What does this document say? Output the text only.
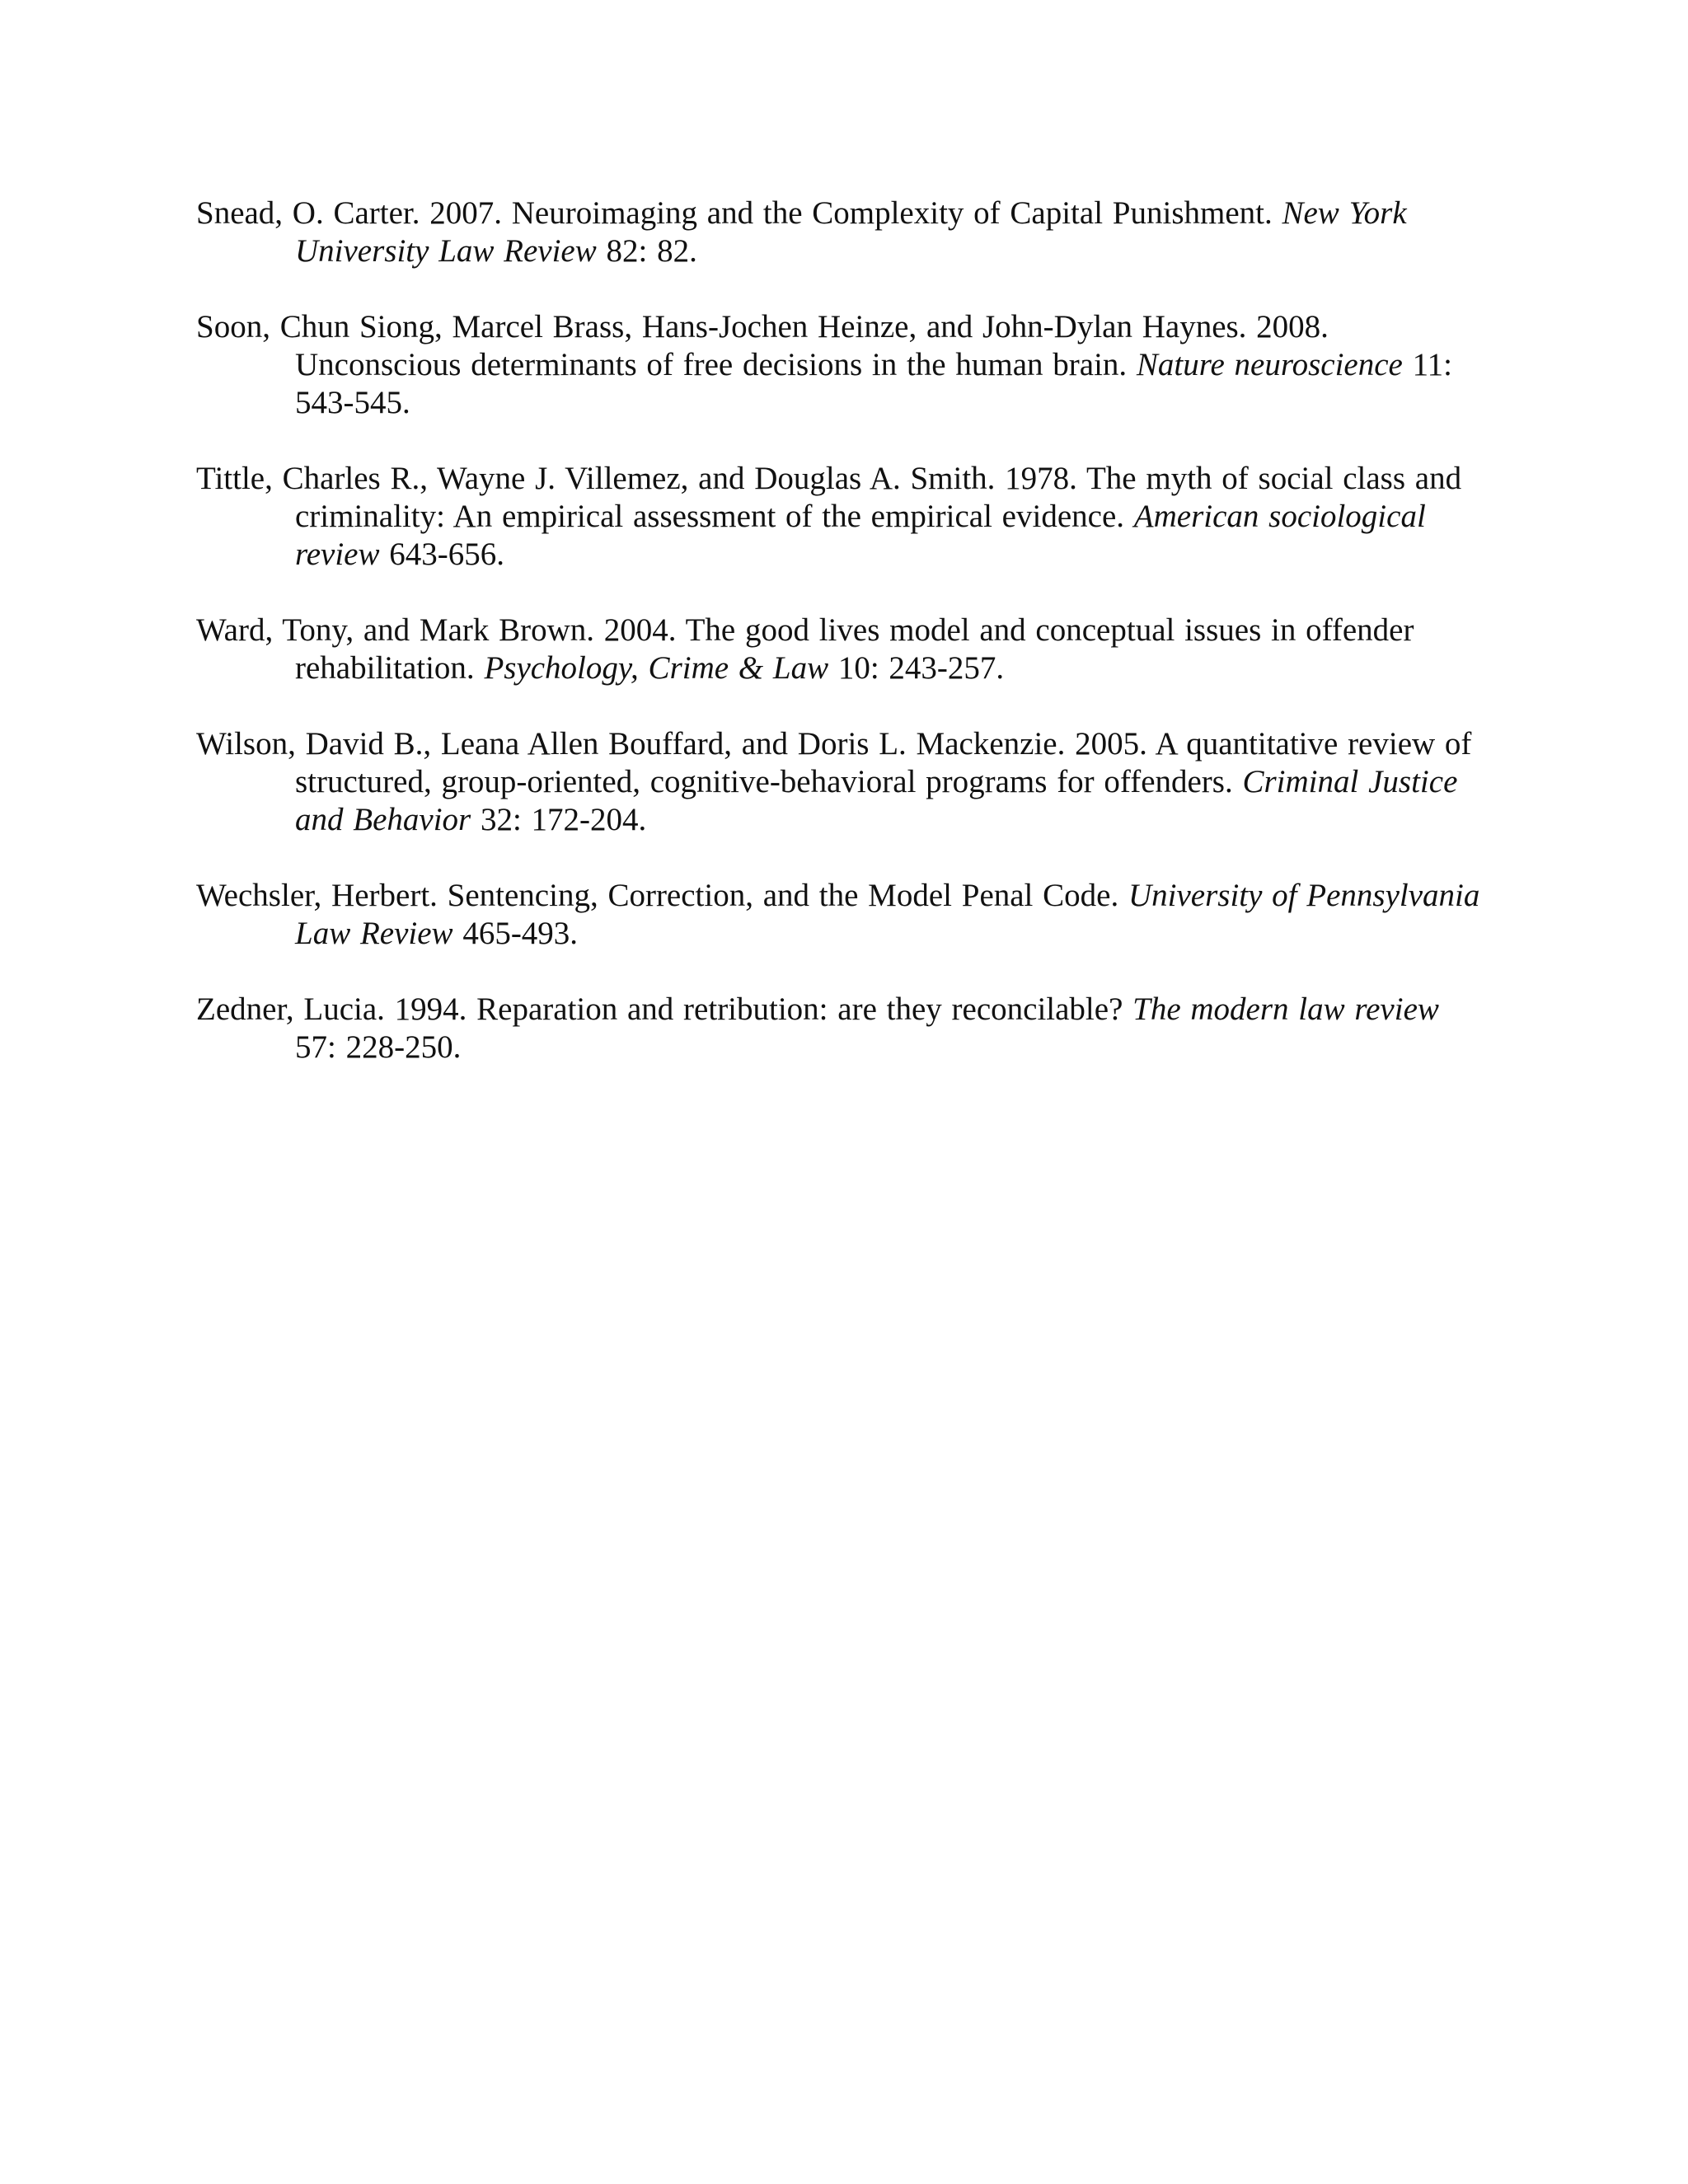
Snead, O. Carter. 2007. Neuroimaging and the Complexity of Capital Punishment. New York University Law Review 82: 82.

Soon, Chun Siong, Marcel Brass, Hans-Jochen Heinze, and John-Dylan Haynes. 2008. Unconscious determinants of free decisions in the human brain. Nature neuroscience 11: 543-545.

Tittle, Charles R., Wayne J. Villemez, and Douglas A. Smith. 1978. The myth of social class and criminality: An empirical assessment of the empirical evidence. American sociological review 643-656.

Ward, Tony, and Mark Brown. 2004. The good lives model and conceptual issues in offender rehabilitation. Psychology, Crime & Law 10: 243-257.

Wilson, David B., Leana Allen Bouffard, and Doris L. Mackenzie. 2005. A quantitative review of structured, group-oriented, cognitive-behavioral programs for offenders. Criminal Justice and Behavior 32: 172-204.

Wechsler, Herbert. Sentencing, Correction, and the Model Penal Code. University of Pennsylvania Law Review 465-493.

Zedner, Lucia. 1994. Reparation and retribution: are they reconcilable? The modern law review 57: 228-250.
